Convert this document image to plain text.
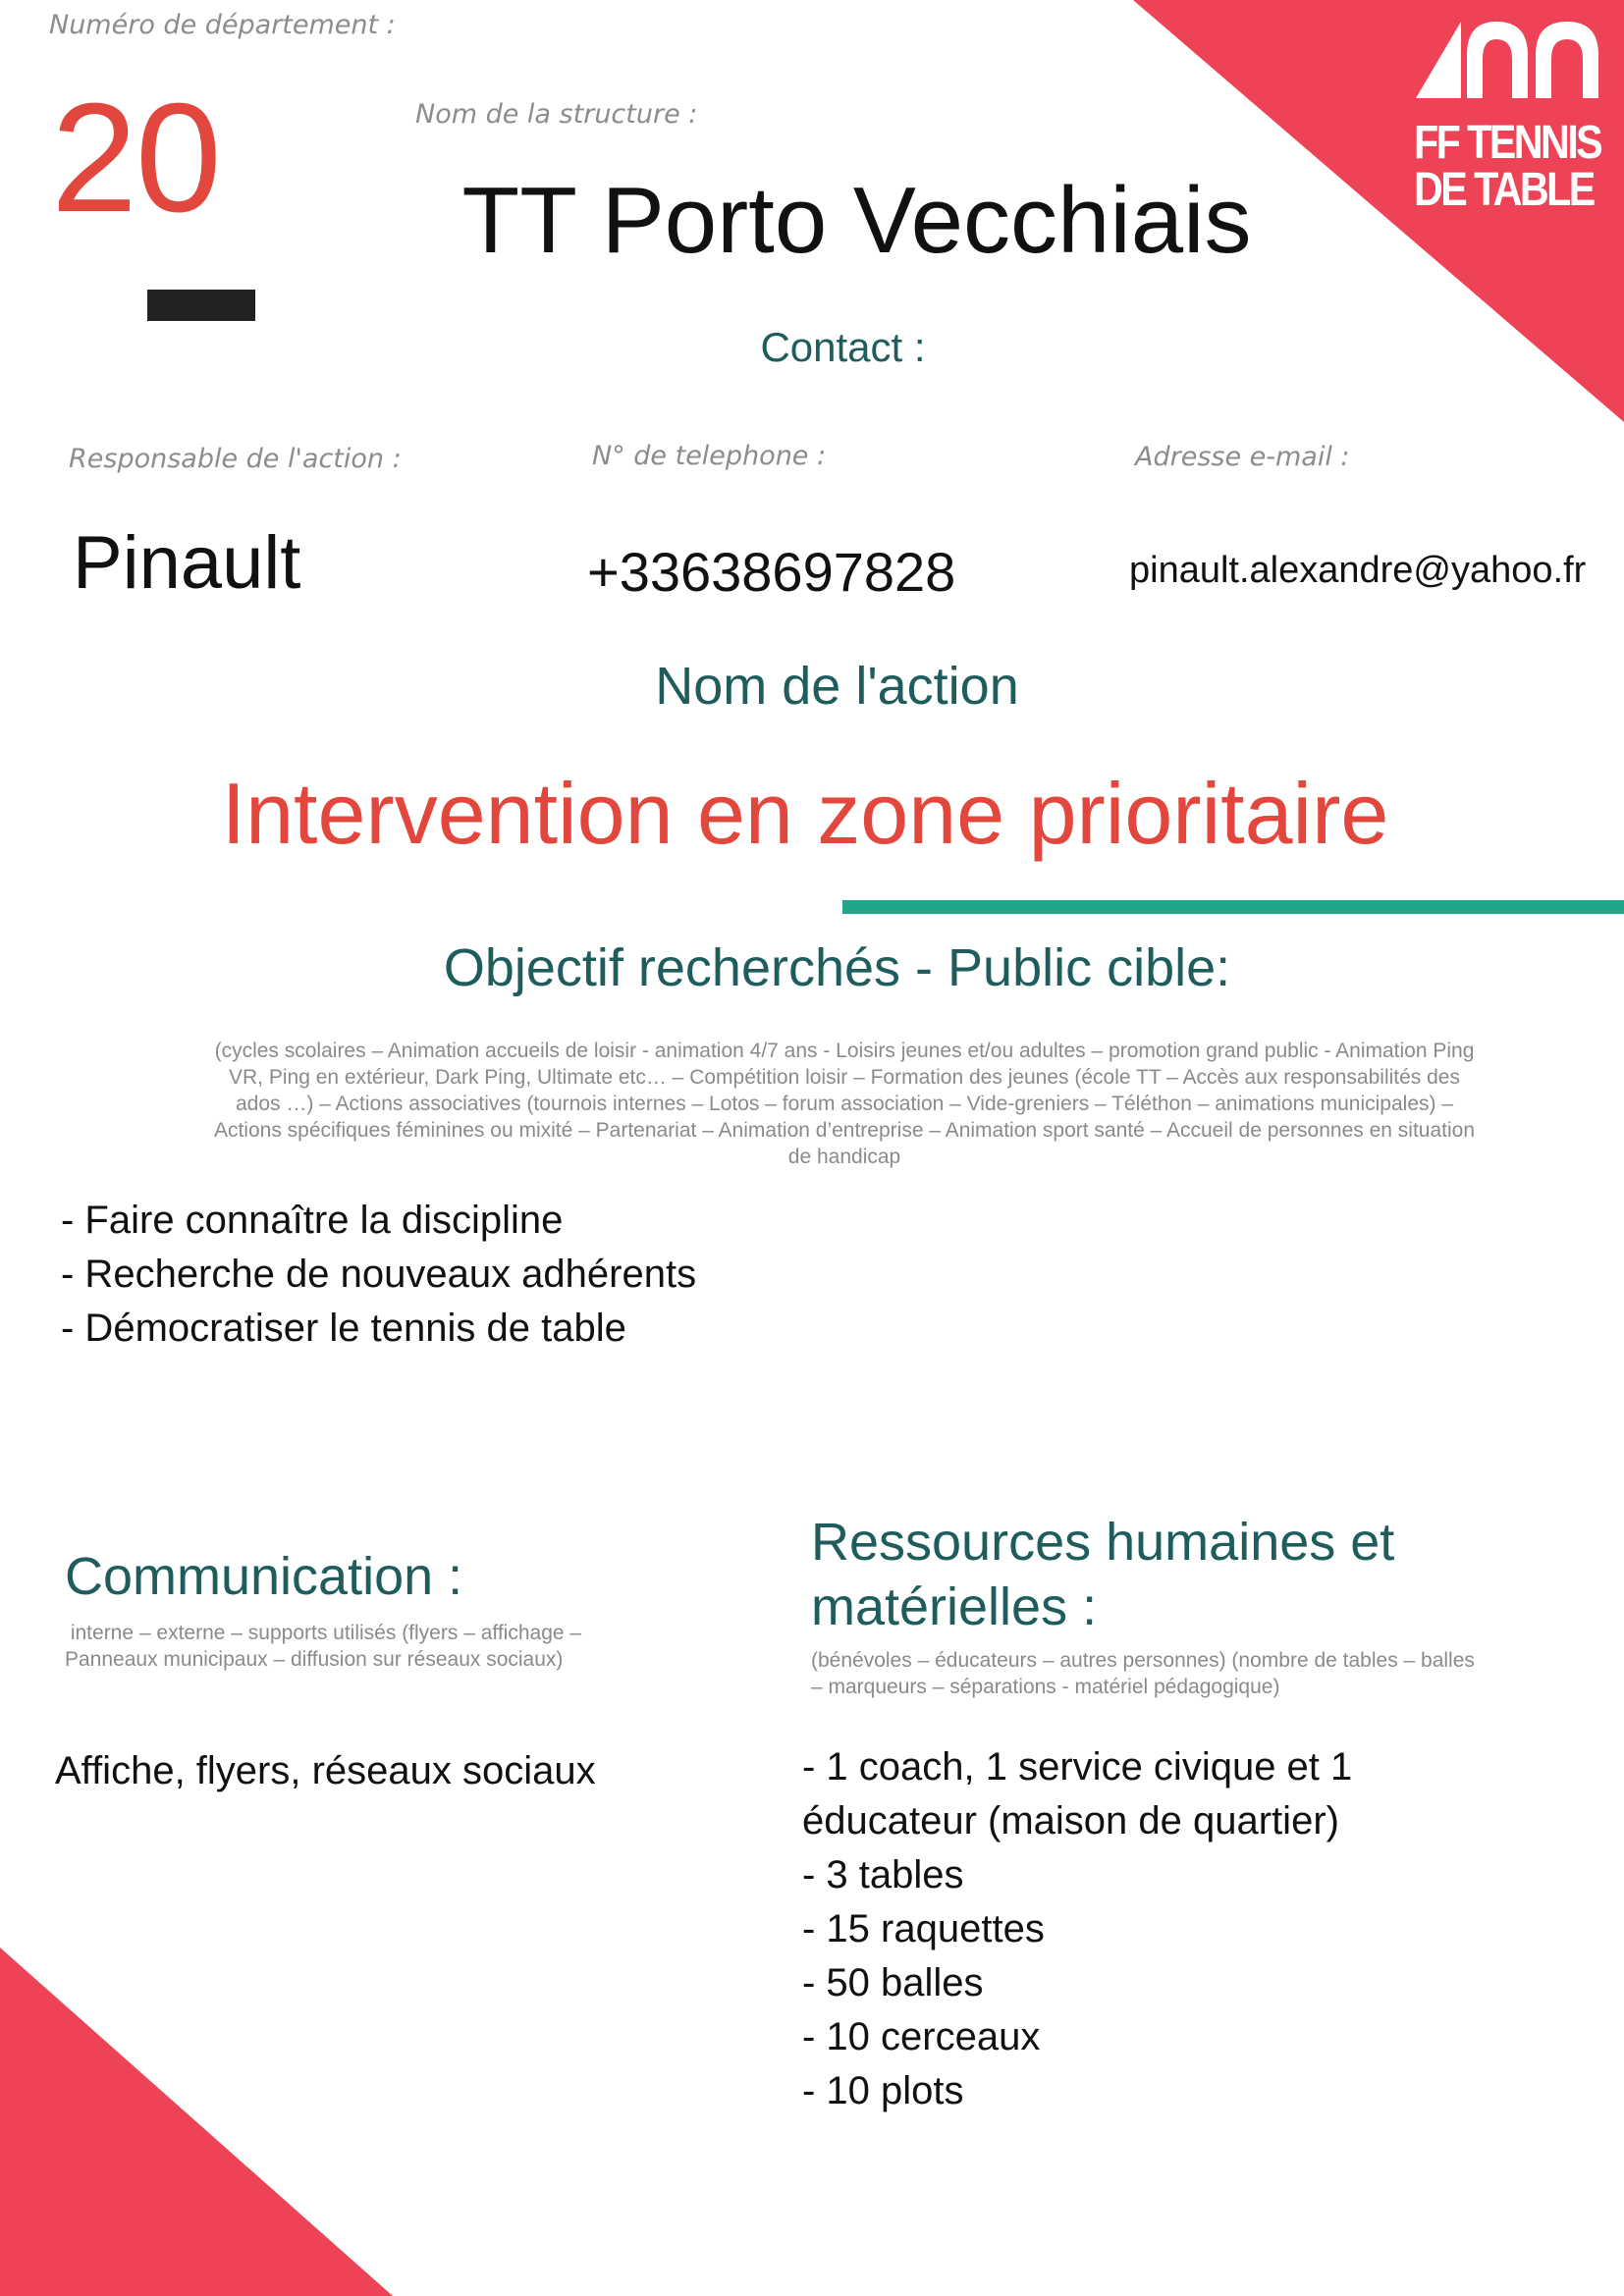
FF TENNIS
DE TABLE
Numéro de département :
20	Nom de la structure :
TT Porto Vecchiais
Contact :
Responsable de l'action :	N° de telephone :	Adresse e-mail :
Pinault	+33638697828	pinault.alexandre@yahoo.fr
Nom de l'action
Intervention en zone prioritaire
Objectif recherchés - Public cible:
(cycles scolaires – Animation accueils de loisir - animation 4/7 ans - Loisirs jeunes et/ou adultes – promotion grand public - Animation Ping
VR, Ping en extérieur, Dark Ping, Ultimate etc… – Compétition loisir – Formation des jeunes (école TT – Accès aux responsabilités des
ados …) – Actions associatives (tournois internes – Lotos – forum association – Vide-greniers – Téléthon – animations municipales) –
Actions spécifiques féminines ou mixité – Partenariat – Animation d’entreprise – Animation sport santé – Accueil de personnes en situation
de handicap
- Faire connaître la discipline
- Recherche de nouveaux adhérents
- Démocratiser le tennis de table
Communication :
interne – externe – supports utilisés (flyers – affichage –
Panneaux municipaux – diffusion sur réseaux sociaux)
Affiche, flyers, réseaux sociaux
Ressources humaines et
matérielles :
(bénévoles – éducateurs – autres personnes) (nombre de tables – balles
– marqueurs – séparations - matériel pédagogique)
- 1 coach, 1 service civique et 1
éducateur (maison de quartier)
- 3 tables
- 15 raquettes
- 50 balles
- 10 cerceaux
- 10 plots
